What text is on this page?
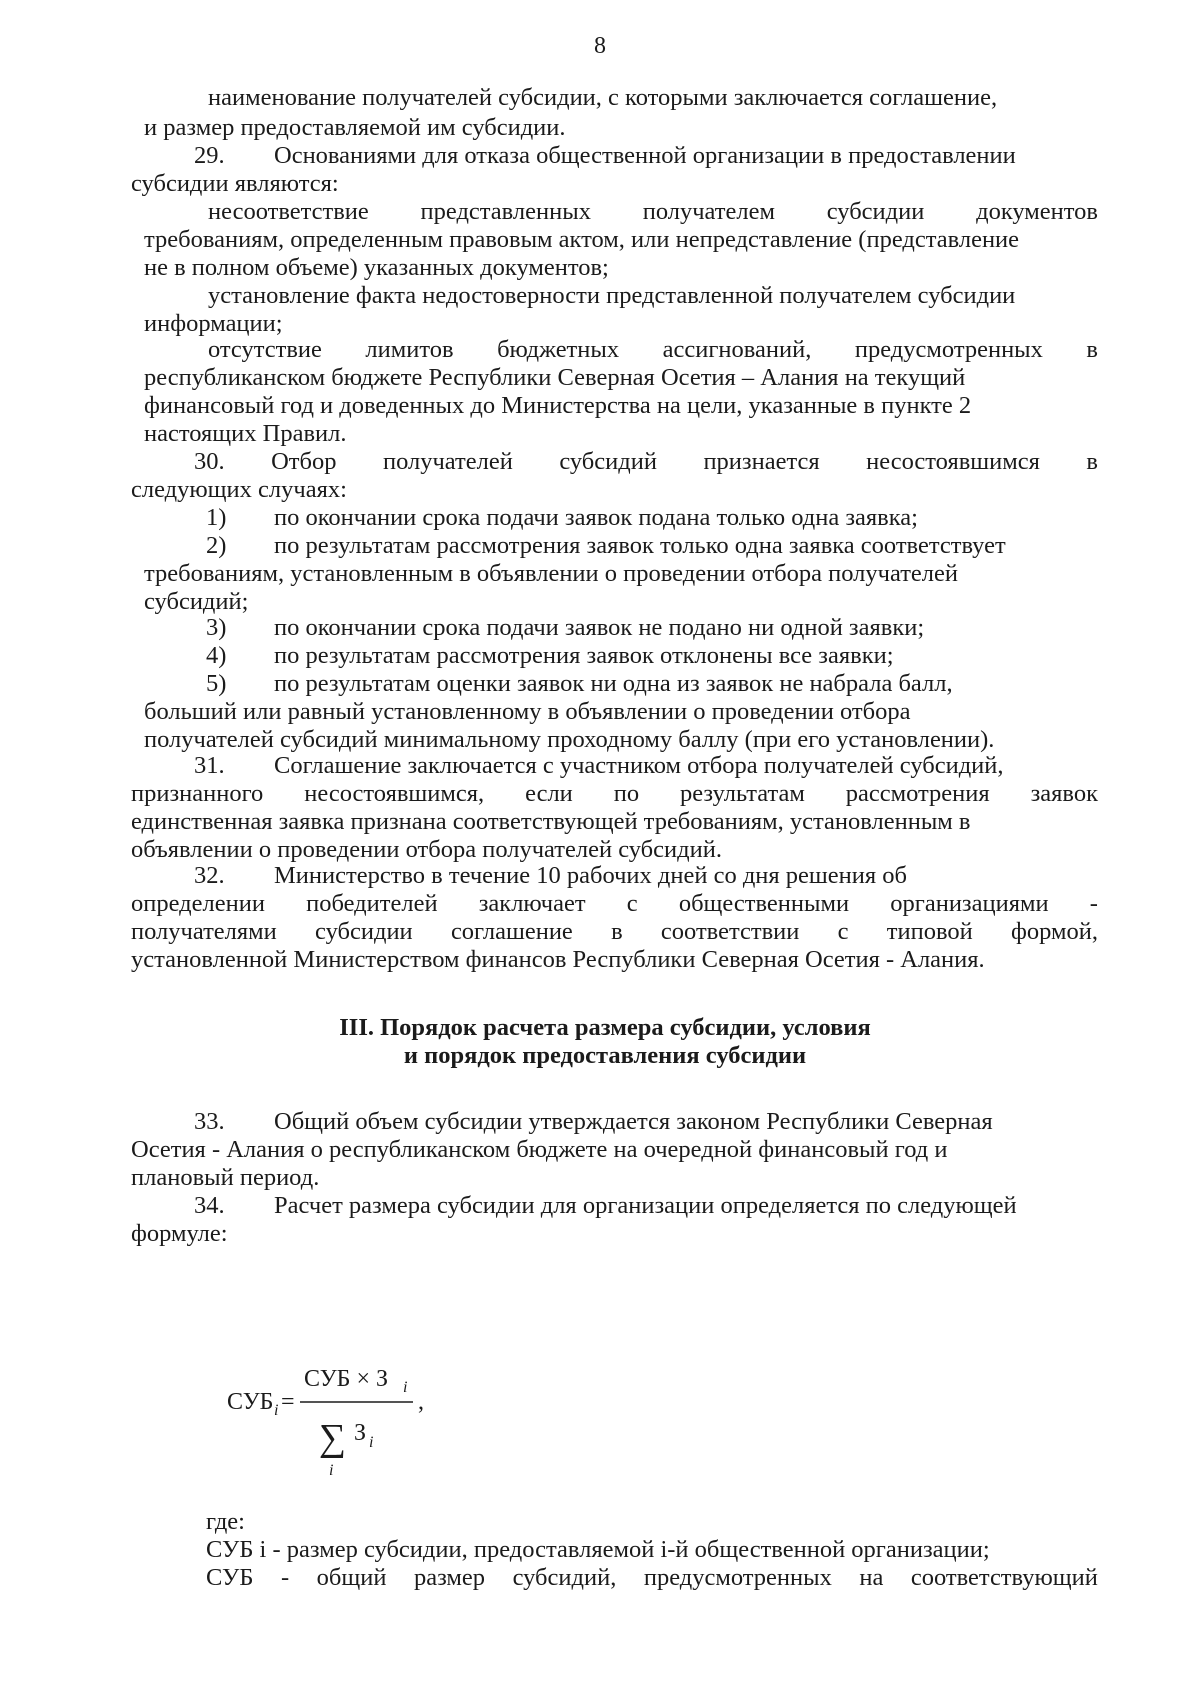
8
наименование получателей субсидии, с которыми заключается соглашение,
и размер предоставляемой им субсидии.
29. Основаниями для отказа общественной организации в предоставлении
субсидии являются:
несоответствие представленных получателем субсидии документов
требованиям, определенным правовым актом, или непредставление (представление
не в полном объеме) указанных документов;
установление факта недостоверности представленной получателем субсидии
информации;
отсутствие лимитов бюджетных ассигнований, предусмотренных в
республиканском бюджете Республики Северная Осетия – Алания на текущий
финансовый год и доведенных до Министерства на цели, указанные в пункте 2
настоящих Правил.
30. Отбор получателей субсидий признается несостоявшимся в
следующих случаях:
1) по окончании срока подачи заявок подана только одна заявка;
2) по результатам рассмотрения заявок только одна заявка соответствует
требованиям, установленным в объявлении о проведении отбора получателей
субсидий;
3) по окончании срока подачи заявок не подано ни одной заявки;
4) по результатам рассмотрения заявок отклонены все заявки;
5) по результатам оценки заявок ни одна из заявок не набрала балл,
больший или равный установленному в объявлении о проведении отбора
получателей субсидий минимальному проходному баллу (при его установлении).
31. Соглашение заключается с участником отбора получателей субсидий,
признанного несостоявшимся, если по результатам рассмотрения заявок
единственная заявка признана соответствующей требованиям, установленным в
объявлении о проведении отбора получателей субсидий.
32. Министерство в течение 10 рабочих дней со дня решения об
определении победителей заключает с общественными организациями -
получателями субсидии соглашение в соответствии с типовой формой,
установленной Министерством финансов Республики Северная Осетия - Алания.
III. Порядок расчета размера субсидии, условия
и порядок предоставления субсидии
33. Общий объем субсидии утверждается законом Республики Северная
Осетия - Алания о республиканском бюджете на очередной финансовый год и
плановый период.
34. Расчет размера субсидии для организации определяется по следующей
формуле:
СУБ i =
СУБ × З i
,
∑
i
З i
где:
СУБ i - размер субсидии, предоставляемой i-й общественной организации;
СУБ - общий размер субсидий, предусмотренных на соответствующий
